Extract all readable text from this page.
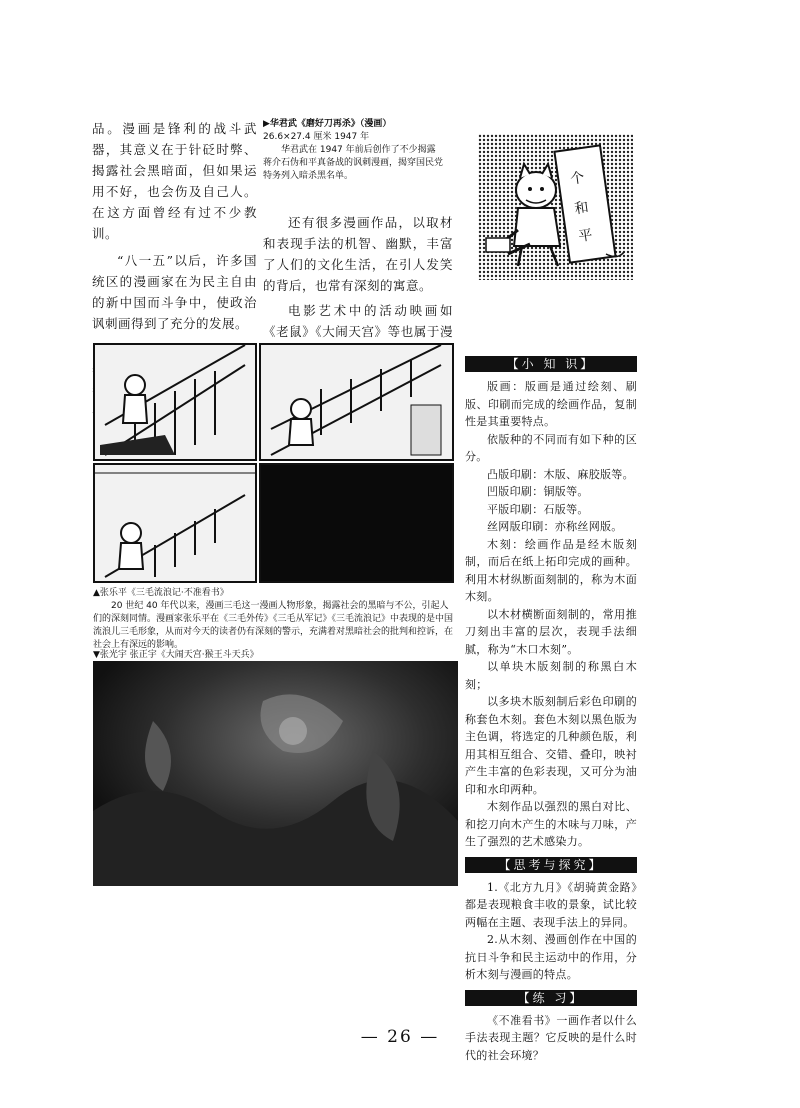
品。漫画是锋利的战斗武器，其意义在于针砭时弊、揭露社会黑暗面，但如果运用不好，也会伤及自己人。在这方面曾经有过不少教训。

“八一五”以后，许多国统区的漫画家在为民主自由的新中国而斗争中，使政治讽刺画得到了充分的发展。

▶华君武《磨好刀再杀》（漫画）
26.6×27.4 厘米 1947 年
华君武在 1947 年前后创作了不少揭露蒋介石伪和平真备战的讽刺漫画，揭穿国民党特务列入暗杀黑名单。

还有很多漫画作品，以取材和表现手法的机智、幽默，丰富了人们的文化生活，在引人发笑的背后，也常有深刻的寓意。

电影艺术中的活动映画如《老鼠》《大闹天宫》等也属于漫

个
和
平
【小 知 识】

版画：版画是通过绘刻、刷版、印刷而完成的绘画作品，复制性是其重要特点。

依版种的不同而有如下种的区分。

凸版印刷：木版、麻胶版等。

凹版印刷：铜版等。

平版印刷：石版等。

丝网版印刷：亦称丝网版。

木刻：绘画作品是经木版刻制，而后在纸上拓印完成的画种。利用木材纵断面刻制的，称为木面木刻。

以木材横断面刻制的，常用推刀刻出丰富的层次，表现手法细腻，称为“木口木刻”。

以单块木版刻制的称黑白木刻；

以多块木版刻制后彩色印刷的称套色木刻。套色木刻以黑色版为主色调，将选定的几种颜色版，利用其相互组合、交错、叠印，映衬产生丰富的色彩表现，又可分为油印和水印两种。

木刻作品以强烈的黑白对比、和挖刀向木产生的木味与刀味，产生了强烈的艺术感染力。

【思考与探究】

1.《北方九月》《胡骑黄金路》都是表现粮食丰收的景象，试比较两幅在主题、表现手法上的异同。

2.从木刻、漫画创作在中国的抗日斗争和民主运动中的作用，分析木刻与漫画的特点。

【练 习】

《不准看书》一画作者以什么手法表现主题？它反映的是什么时代的社会环境？

▲张乐平《三毛流浪记·不准看书》
20 世纪 40 年代以来，漫画三毛这一漫画人物形象，揭露社会的黑暗与不公，引起人们的深刻同情。漫画家张乐平在《三毛外传》《三毛从军记》《三毛流浪记》中表现的是中国流浪儿三毛形象，从而对今天的读者仍有深刻的警示，充满着对黑暗社会的批判和控诉，在社会上有深远的影响。
▼张光宇 张正宇《大闹天宫·猴王斗天兵》
— 26 —
